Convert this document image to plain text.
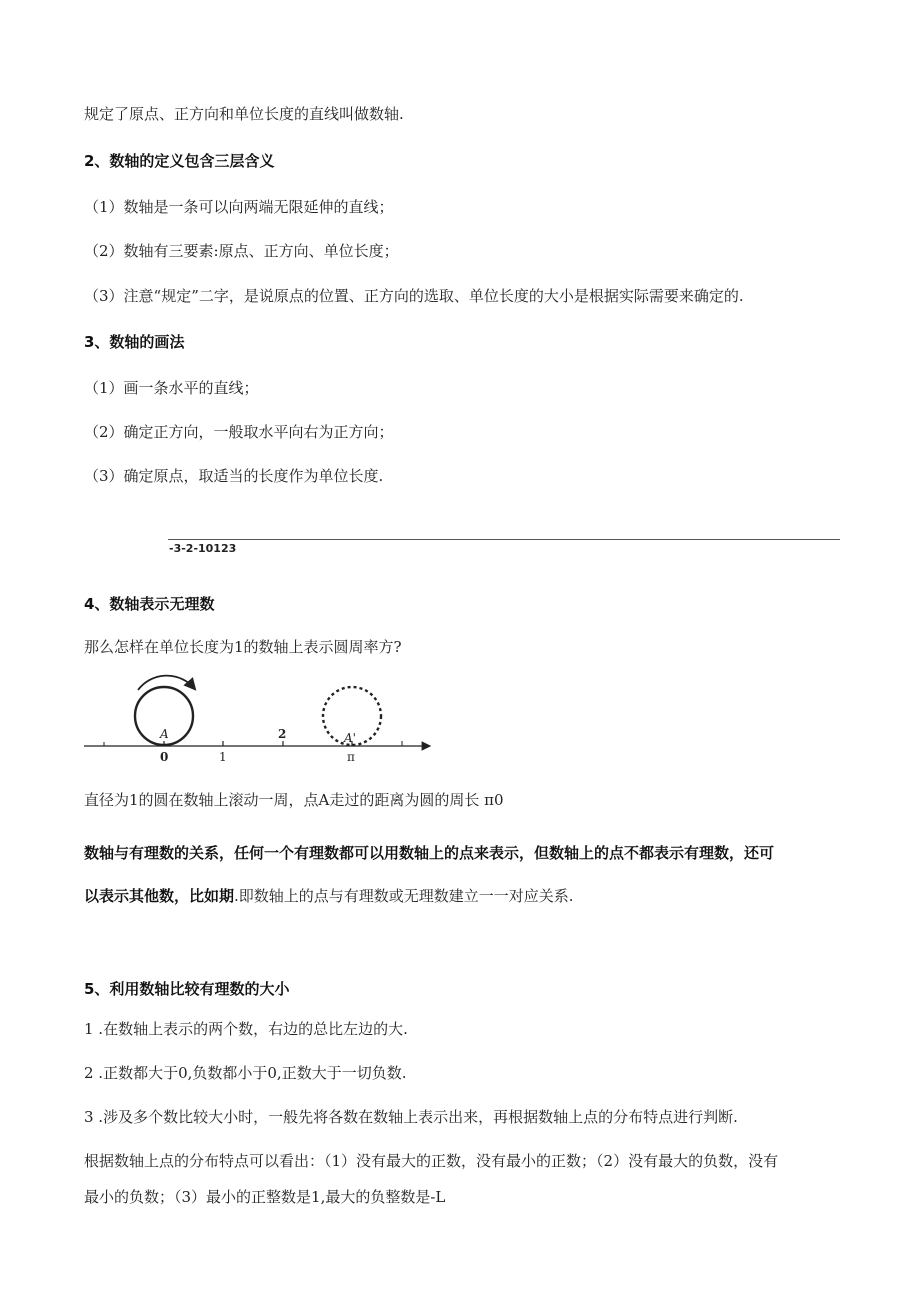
规定了原点、正方向和单位长度的直线叫做数轴.
2、数轴的定义包含三层含义
（1）数轴是一条可以向两端无限延伸的直线；
（2）数轴有三要素:原点、正方向、单位长度；
（3）注意“规定”二字，是说原点的位置、正方向的选取、单位长度的大小是根据实际需要来确定的.
3、数轴的画法
（1）画一条水平的直线；
（2）确定正方向，一般取水平向右为正方向；
（3）确定原点，取适当的长度作为单位长度.
-3-2-10123
4、数轴表示无理数
那么怎样在单位长度为1的数轴上表示圆周率方?
A	A'
0	1
2
π
直径为1的圆在数轴上滚动一周，点A走过的距离为圆的周长 π0
数轴与有理数的关系，任何一个有理数都可以用数轴上的点来表示，但数轴上的点不都表示有理数，还可
以表示其他数，比如期.即数轴上的点与有理数或无理数建立一一对应关系.
5、利用数轴比较有理数的大小
1 .在数轴上表示的两个数，右边的总比左边的大.
2 .正数都大于0,负数都小于0,正数大于一切负数.
3 .涉及多个数比较大小时，一般先将各数在数轴上表示出来，再根据数轴上点的分布特点进行判断.
根据数轴上点的分布特点可以看出：（1）没有最大的正数，没有最小的正数；（2）没有最大的负数，没有
最小的负数；（3）最小的正整数是1,最大的负整数是-L
